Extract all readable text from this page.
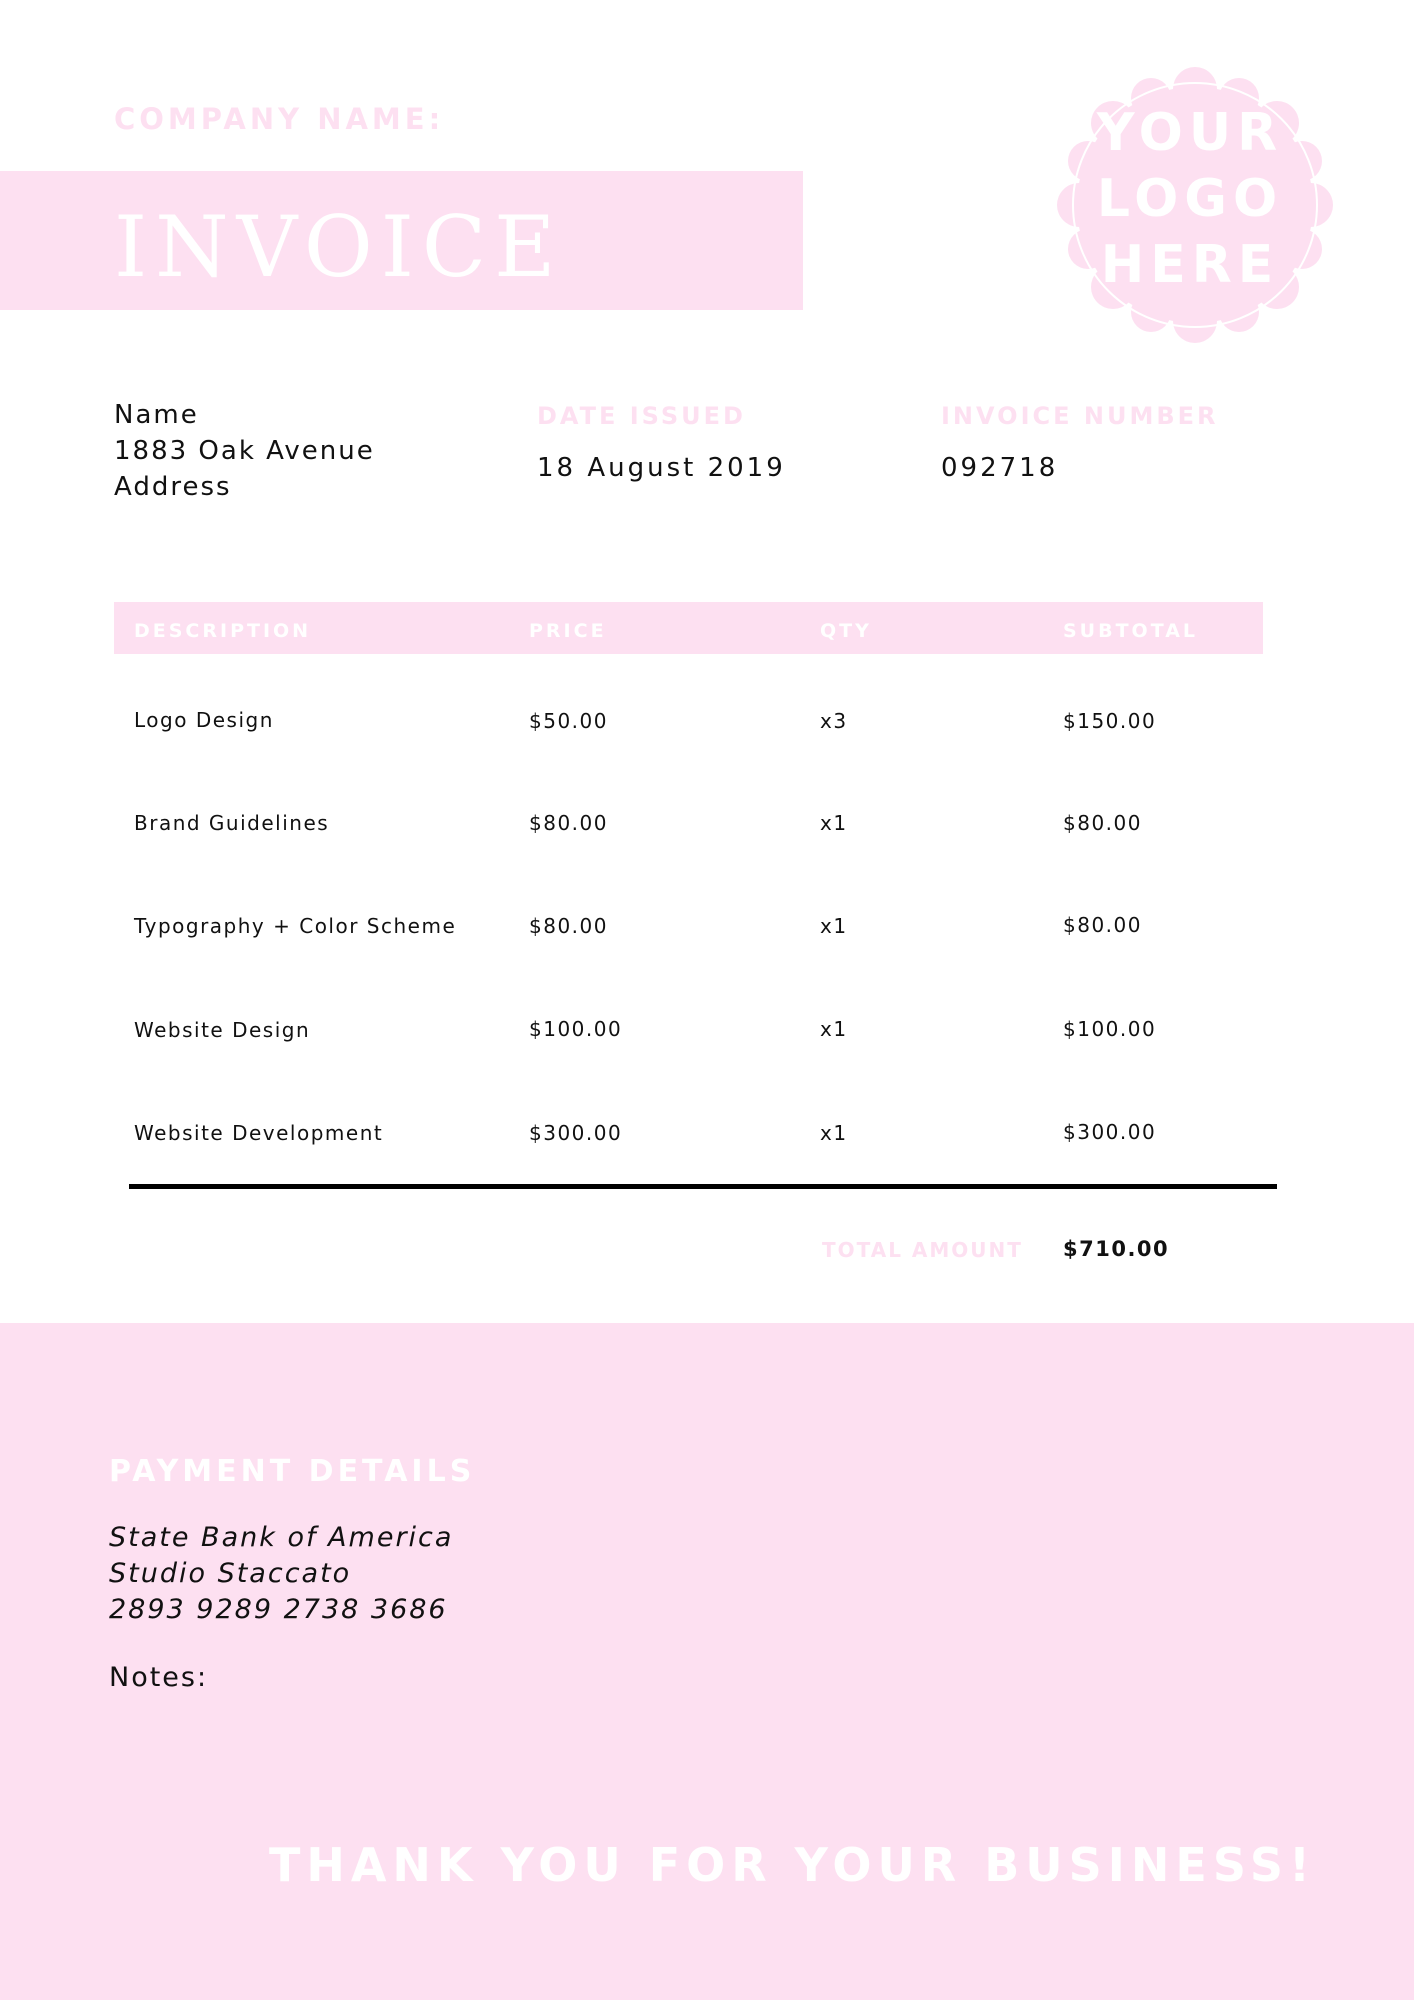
COMPANY NAME:
INVOICE
YOUR
LOGO
HERE
Name
1883 Oak Avenue
Address
DATE ISSUED
18 August 2019
INVOICE NUMBER
092718
DESCRIPTION	PRICE	QTY	SUBTOTAL
Logo Design	$50.00	x3	$150.00
Brand Guidelines	$80.00	x1	$80.00
Typography + Color Scheme	$80.00	x1	$80.00
Website Design	$100.00	x1	$100.00
Website Development	$300.00	x1	$300.00
TOTAL AMOUNT $710.00
PAYMENT DETAILS
State Bank of America
Studio Staccato
2893 9289 2738 3686
Notes:
THANK YOU FOR YOUR BUSINESS!
